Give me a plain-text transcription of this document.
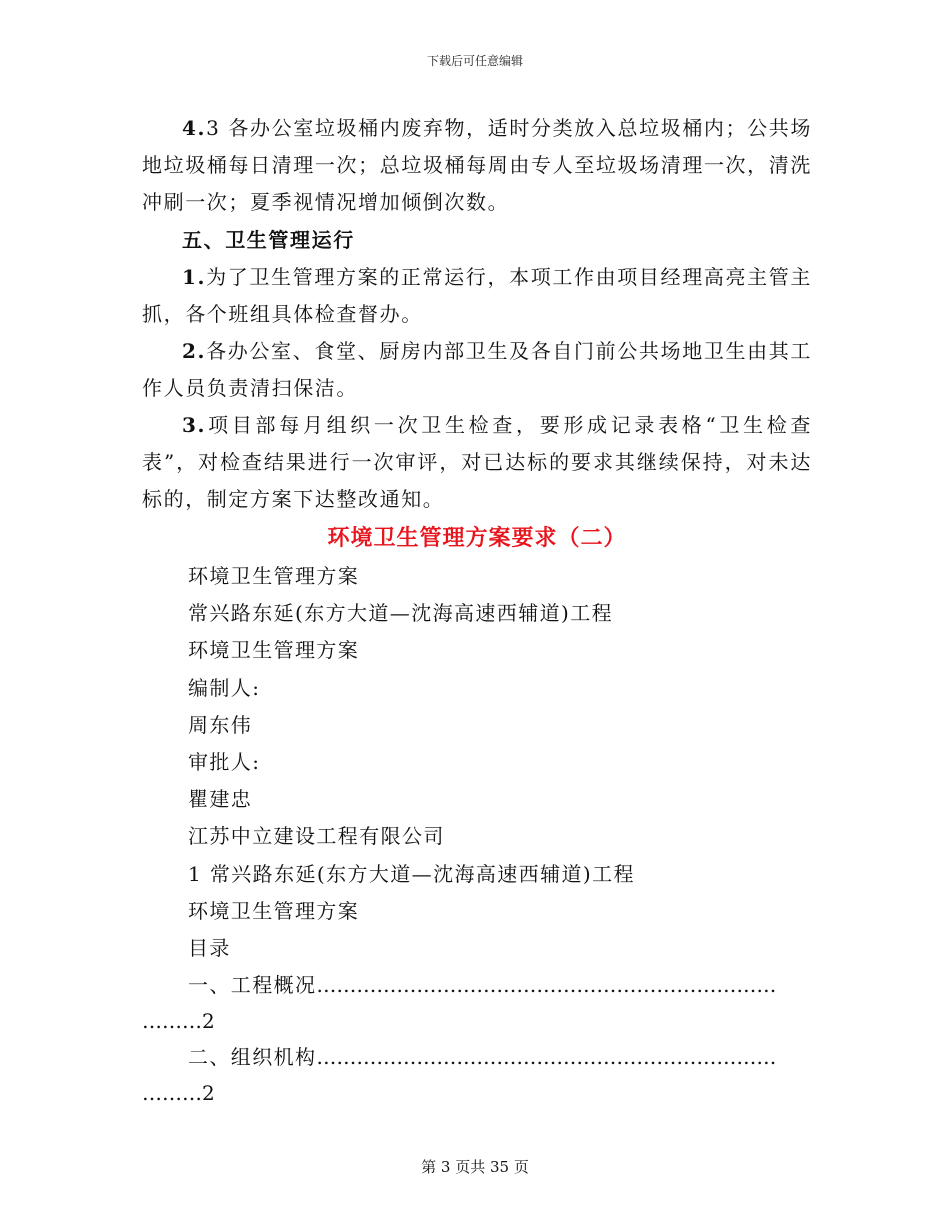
下载后可任意编辑

4.3 各办公室垃圾桶内废弃物，适时分类放入总垃圾桶内；公共场地垃圾桶每日清理一次；总垃圾桶每周由专人至垃圾场清理一次，清洗冲刷一次；夏季视情况增加倾倒次数。

五、卫生管理运行

1.为了卫生管理方案的正常运行，本项工作由项目经理高亮主管主抓，各个班组具体检查督办。

2.各办公室、食堂、厨房内部卫生及各自门前公共场地卫生由其工作人员负责清扫保洁。

3.项目部每月组织一次卫生检查，要形成记录表格“卫生检查表”，对检查结果进行一次审评，对已达标的要求其继续保持，对未达标的，制定方案下达整改通知。

环境卫生管理方案要求（二）

环境卫生管理方案

常兴路东延(东方大道—沈海高速西辅道)工程

环境卫生管理方案

编制人:

周东伟

审批人:

瞿建忠

江苏中立建设工程有限公司

1 常兴路东延(东方大道—沈海高速西辅道)工程

环境卫生管理方案

目录

一、工程概况……………………………………………………………

………2

二、组织机构……………………………………………………………

………2

第 3 页共 35 页
